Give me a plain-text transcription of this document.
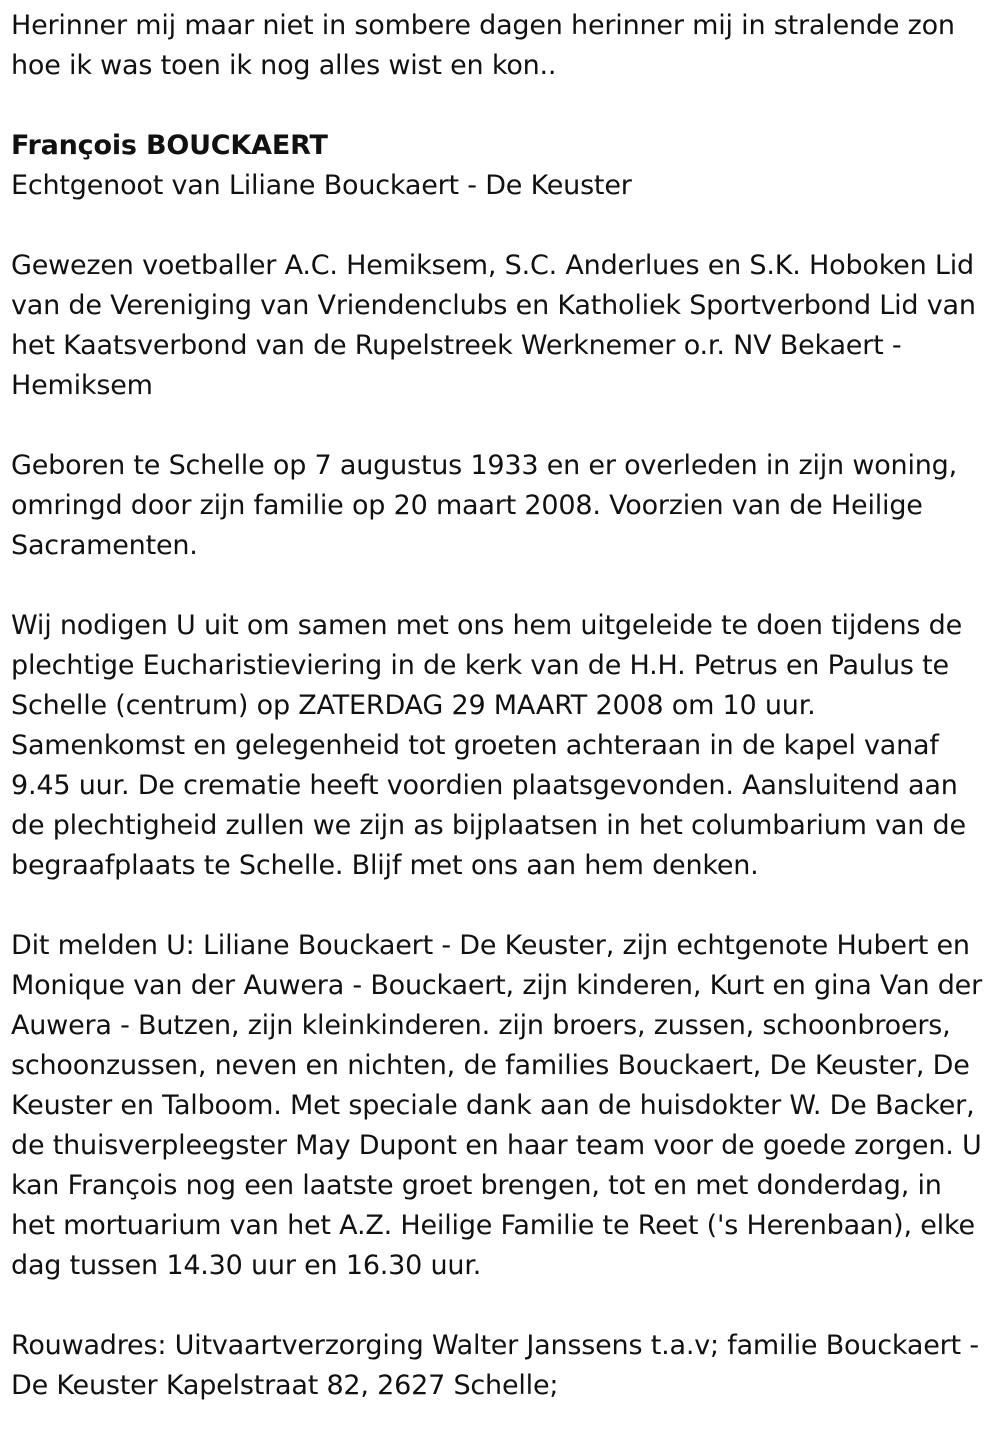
Herinner mij maar niet in sombere dagen herinner mij in stralende zon

hoe ik was toen ik nog alles wist en kon..

François BOUCKAERT

Echtgenoot van Liliane Bouckaert - De Keuster

Gewezen voetballer A.C. Hemiksem, S.C. Anderlues en S.K. Hoboken Lid

van de Vereniging van Vriendenclubs en Katholiek Sportverbond Lid van

het Kaatsverbond van de Rupelstreek Werknemer o.r. NV Bekaert -

Hemiksem

Geboren te Schelle op 7 augustus 1933 en er overleden in zijn woning,

omringd door zijn familie op 20 maart 2008. Voorzien van de Heilige

Sacramenten.

Wij nodigen U uit om samen met ons hem uitgeleide te doen tijdens de

plechtige Eucharistieviering in de kerk van de H.H. Petrus en Paulus te

Schelle (centrum) op ZATERDAG 29 MAART 2008 om 10 uur.

Samenkomst en gelegenheid tot groeten achteraan in de kapel vanaf

9.45 uur. De crematie heeft voordien plaatsgevonden. Aansluitend aan

de plechtigheid zullen we zijn as bijplaatsen in het columbarium van de

begraafplaats te Schelle. Blijf met ons aan hem denken.

Dit melden U: Liliane Bouckaert - De Keuster, zijn echtgenote Hubert en

Monique van der Auwera - Bouckaert, zijn kinderen, Kurt en gina Van der

Auwera - Butzen, zijn kleinkinderen. zijn broers, zussen, schoonbroers,

schoonzussen, neven en nichten, de families Bouckaert, De Keuster, De

Keuster en Talboom. Met speciale dank aan de huisdokter W. De Backer,

de thuisverpleegster May Dupont en haar team voor de goede zorgen. U

kan François nog een laatste groet brengen, tot en met donderdag, in

het mortuarium van het A.Z. Heilige Familie te Reet ('s Herenbaan), elke

dag tussen 14.30 uur en 16.30 uur.

Rouwadres: Uitvaartverzorging Walter Janssens t.a.v; familie Bouckaert -

De Keuster Kapelstraat 82, 2627 Schelle;
